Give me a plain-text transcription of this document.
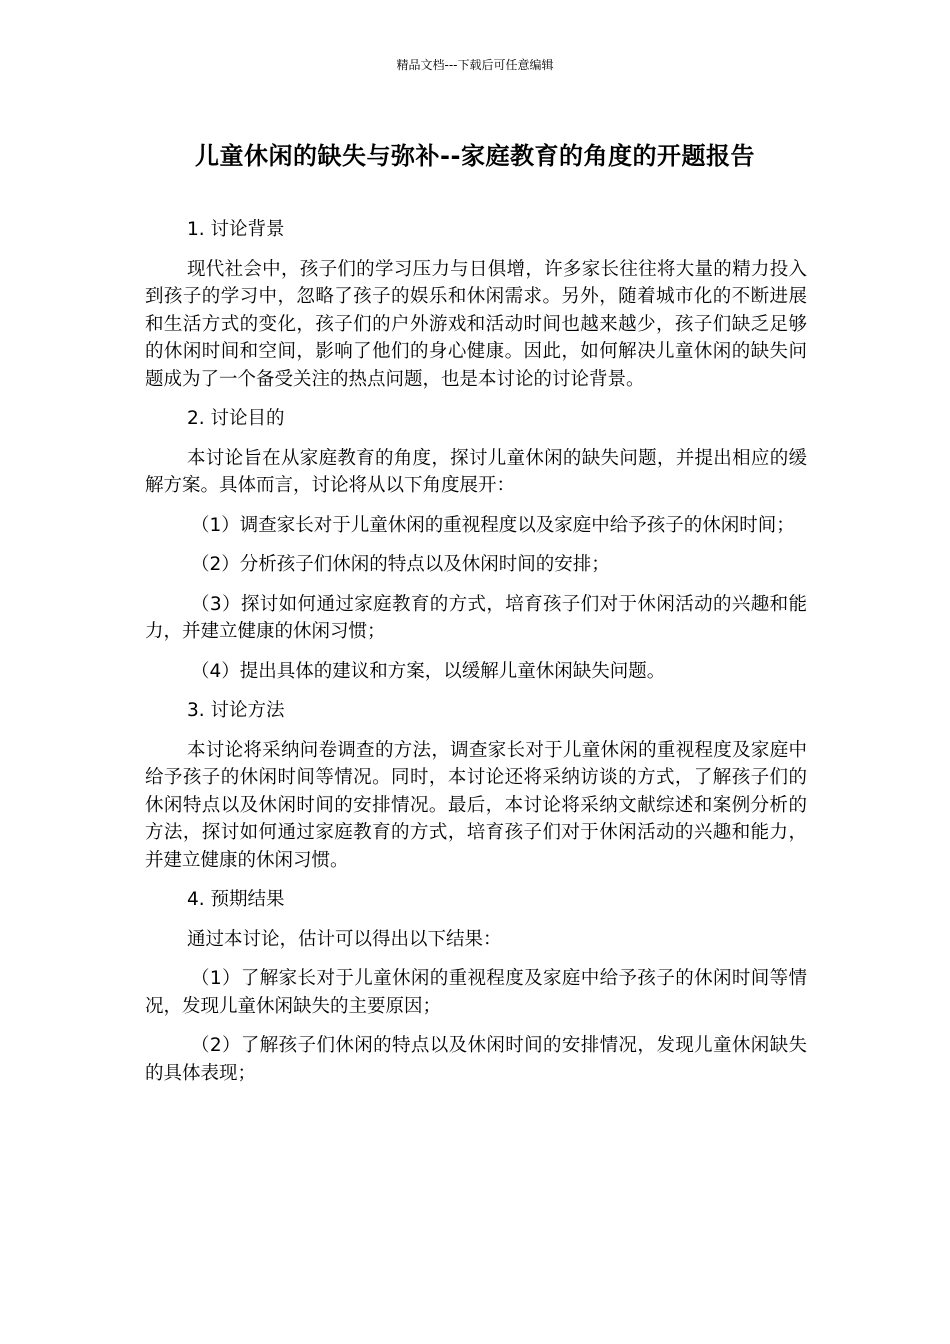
精品文档---下载后可任意编辑
儿童休闲的缺失与弥补--家庭教育的角度的开题报告

1. 讨论背景

现代社会中，孩子们的学习压力与日俱增，许多家长往往将大量的精力投入到孩子的学习中，忽略了孩子的娱乐和休闲需求。另外，随着城市化的不断进展和生活方式的变化，孩子们的户外游戏和活动时间也越来越少，孩子们缺乏足够的休闲时间和空间，影响了他们的身心健康。因此，如何解决儿童休闲的缺失问题成为了一个备受关注的热点问题，也是本讨论的讨论背景。

2. 讨论目的

本讨论旨在从家庭教育的角度，探讨儿童休闲的缺失问题，并提出相应的缓解方案。具体而言，讨论将从以下角度展开：

（1）调查家长对于儿童休闲的重视程度以及家庭中给予孩子的休闲时间；

（2）分析孩子们休闲的特点以及休闲时间的安排；

（3）探讨如何通过家庭教育的方式，培育孩子们对于休闲活动的兴趣和能力，并建立健康的休闲习惯；

（4）提出具体的建议和方案，以缓解儿童休闲缺失问题。

3. 讨论方法

本讨论将采纳问卷调查的方法，调查家长对于儿童休闲的重视程度及家庭中给予孩子的休闲时间等情况。同时，本讨论还将采纳访谈的方式，了解孩子们的休闲特点以及休闲时间的安排情况。最后，本讨论将采纳文献综述和案例分析的方法，探讨如何通过家庭教育的方式，培育孩子们对于休闲活动的兴趣和能力，并建立健康的休闲习惯。

4. 预期结果

通过本讨论，估计可以得出以下结果：

（1）了解家长对于儿童休闲的重视程度及家庭中给予孩子的休闲时间等情况，发现儿童休闲缺失的主要原因；

（2）了解孩子们休闲的特点以及休闲时间的安排情况，发现儿童休闲缺失的具体表现；
